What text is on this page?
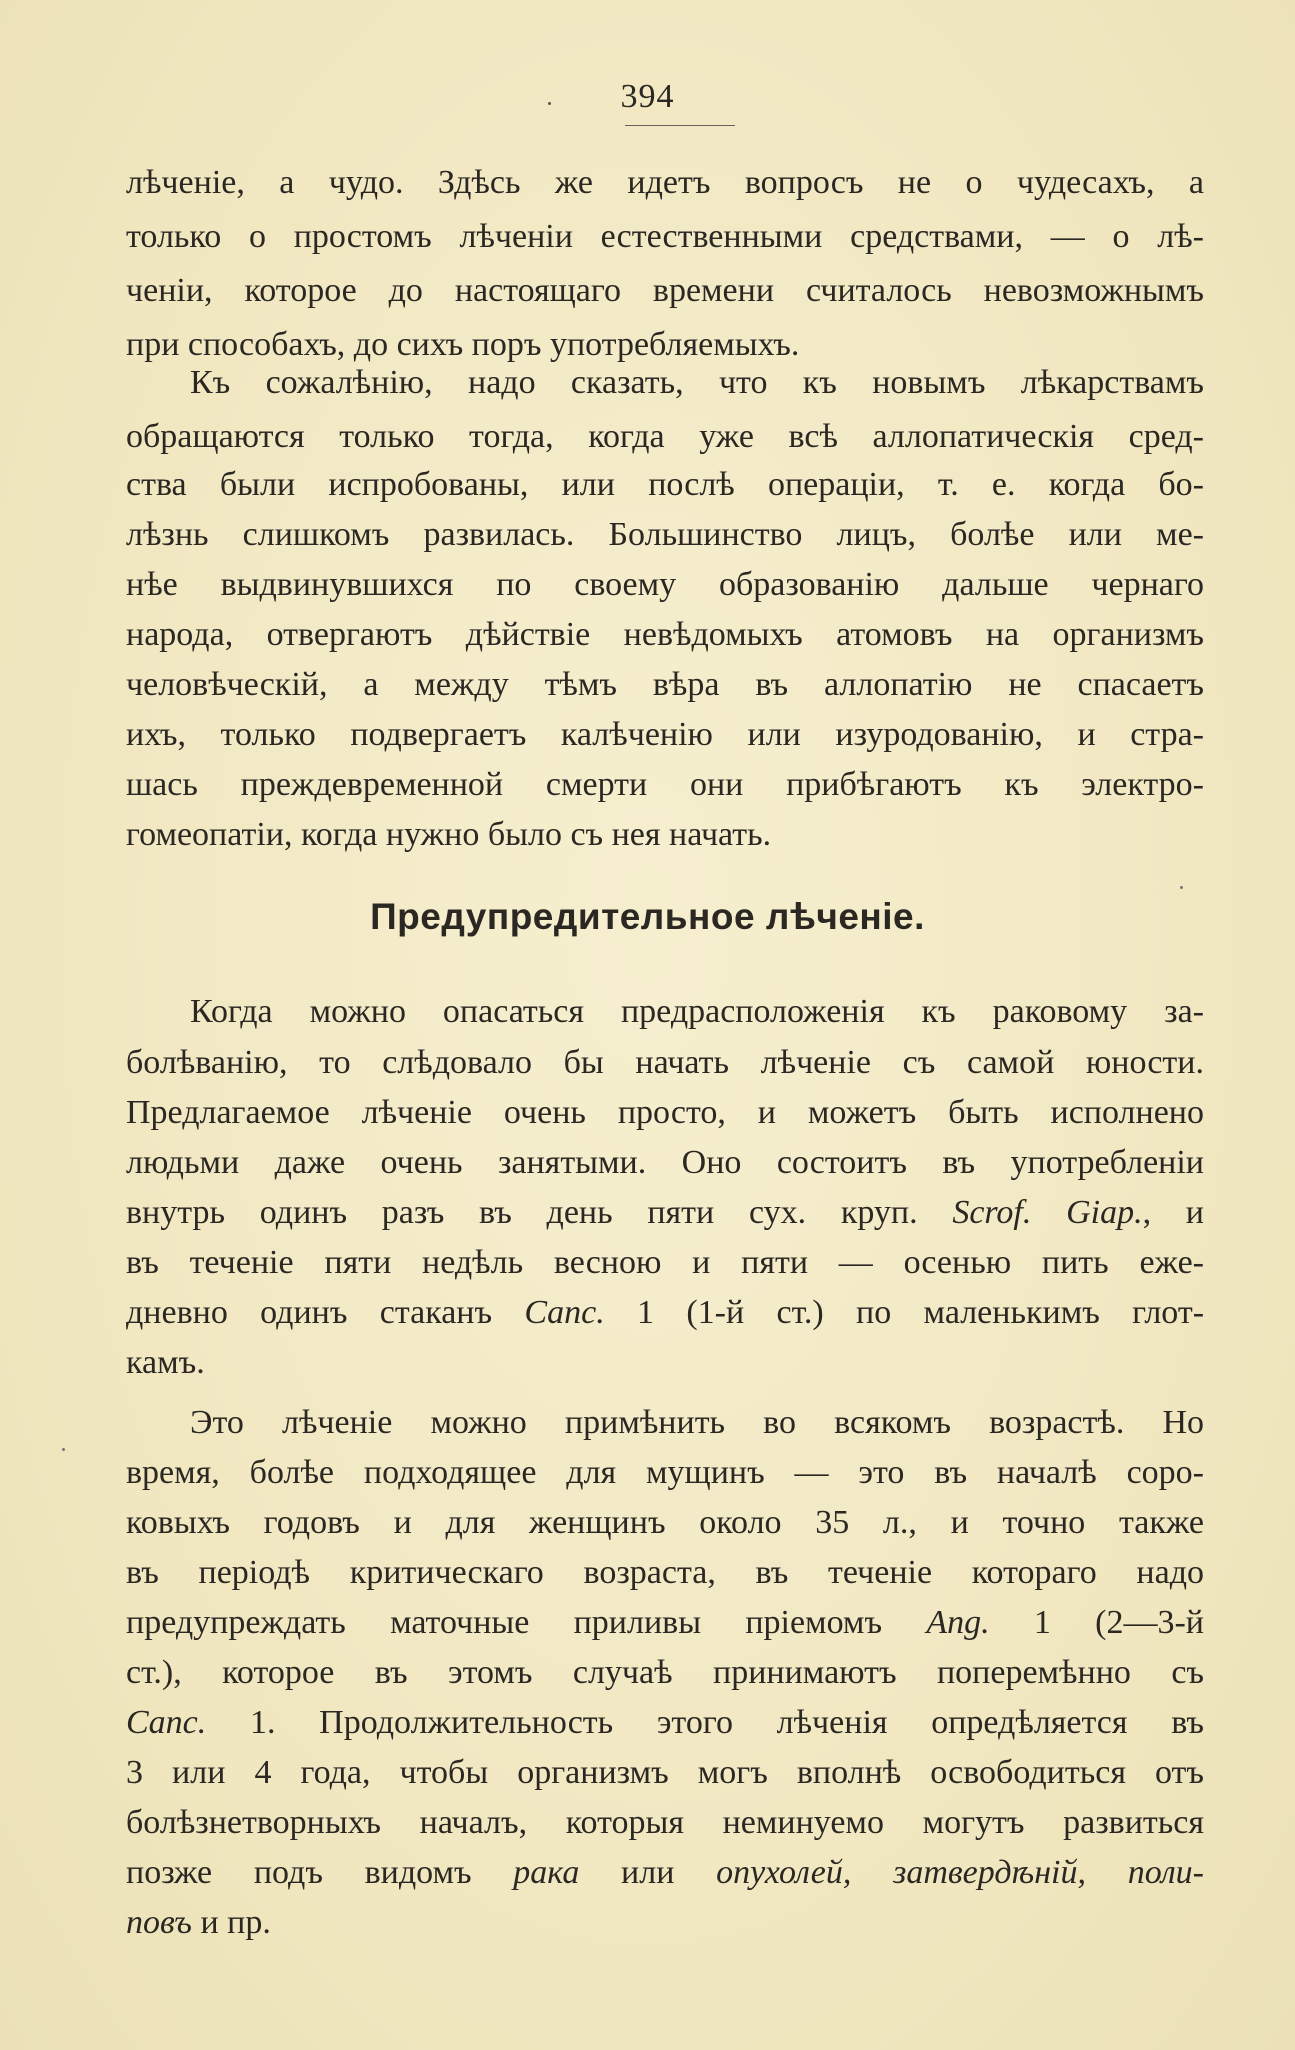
394
лѣченіе, а чудо. Здѣсь же идетъ вопросъ не о чудесахъ, а
только о простомъ лѣченіи естественными средствами, — о лѣ-
ченіи, которое до настоящаго времени считалось невозможнымъ
при способахъ, до сихъ поръ употребляемыхъ.
Къ сожалѣнію, надо сказать, что къ новымъ лѣкарствамъ
обращаются только тогда, когда уже всѣ аллопатическія сред-
ства были испробованы, или послѣ операціи, т. е. когда бо-
лѣзнь слишкомъ развилась. Большинство лицъ, болѣе или ме-
нѣе выдвинувшихся по своему образованію дальше чернаго
народа, отвергаютъ дѣйствіе невѣдомыхъ атомовъ на организмъ
человѣческій, а между тѣмъ вѣра въ аллопатію не спасаетъ
ихъ, только подвергаетъ калѣченію или изуродованію, и стра-
шась преждевременной смерти они прибѣгаютъ къ электро-
гомеопатіи, когда нужно было съ нея начать.
Предупредительное лѣченіе.
Когда можно опасаться предрасположенія къ раковому за-
болѣванію, то слѣдовало бы начать лѣченіе съ самой юности.
Предлагаемое лѣченіе очень просто, и можетъ быть исполнено
людьми даже очень занятыми. Оно состоитъ въ употребленіи
внутрь одинъ разъ въ день пяти сух. круп. Scrof. Giap., и
въ теченіе пяти недѣль весною и пяти — осенью пить еже-
дневно одинъ стаканъ Canc. 1 (1-й ст.) по маленькимъ глот-
камъ.
Это лѣченіе можно примѣнить во всякомъ возрастѣ. Но
время, болѣе подходящее для мущинъ — это въ началѣ соро-
ковыхъ годовъ и для женщинъ около 35 л., и точно также
въ періодѣ критическаго возраста, въ теченіе котораго надо
предупреждать маточные приливы пріемомъ Ang. 1 (2—3-й
ст.), которое въ этомъ случаѣ принимаютъ поперемѣнно съ
Canc. 1. Продолжительность этого лѣченія опредѣляется въ
3 или 4 года, чтобы организмъ могъ вполнѣ освободиться отъ
болѣзнетворныхъ началъ, которыя неминуемо могутъ развиться
позже подъ видомъ рака или опухолей, затвердѣній, поли-
повъ и пр.
